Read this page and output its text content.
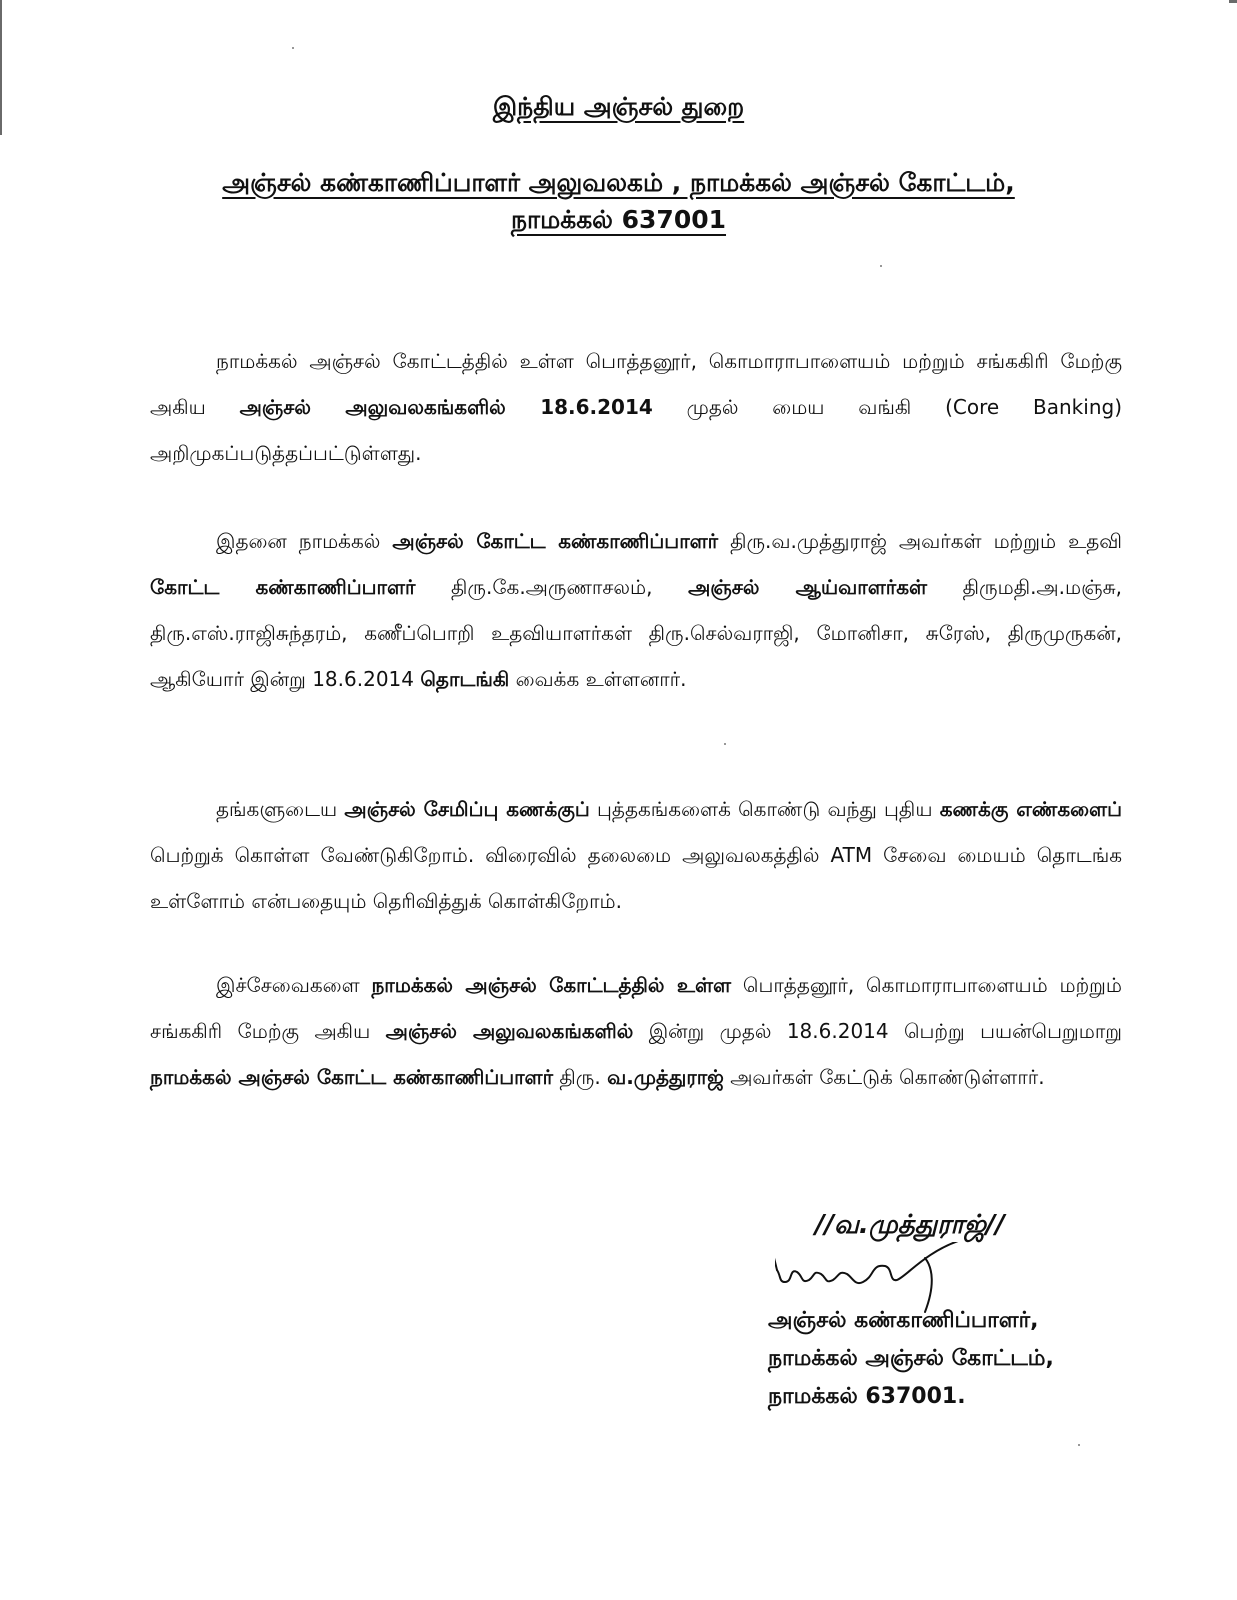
இந்திய அஞ்சல் துறை
அஞ்சல் கண்காணிப்பாளர் அலுவலகம் , நாமக்கல் அஞ்சல் கோட்டம்,
நாமக்கல் 637001

நாமக்கல் அஞ்சல் கோட்டத்தில் உள்ள பொத்தனூர், கொமாராபாளையம் மற்றும் சங்ககிரி மேற்கு அகிய அஞ்சல் அலுவலகங்களில் 18.6.2014 முதல் மைய வங்கி (Core Banking) அறிமுகப்படுத்தப்பட்டுள்ளது.

இதனை நாமக்கல் அஞ்சல் கோட்ட கண்காணிப்பாளர் திரு.வ.முத்துராஜ் அவர்கள் மற்றும் உதவி கோட்ட கண்காணிப்பாளர் திரு.கே.அருணாசலம், அஞ்சல் ஆய்வாளர்கள் திருமதி.அ.மஞ்சு, திரு.எஸ்.ராஜிசுந்தரம், கணீப்பொறி உதவியாளர்கள் திரு.செல்வராஜி, மோனிசா, சுரேஸ், திருமுருகன், ஆகியோர் இன்று 18.6.2014 தொடங்கி வைக்க உள்ளனார்.

தங்களுடைய அஞ்சல் சேமிப்பு கணக்குப் புத்தகங்களைக் கொண்டு வந்து புதிய கணக்கு எண்களைப் பெற்றுக் கொள்ள வேண்டுகிறோம். விரைவில் தலைமை அலுவலகத்தில் ATM சேவை மையம் தொடங்க உள்ளோம் என்பதையும் தெரிவித்துக் கொள்கிறோம்.

இச்சேவைகளை நாமக்கல் அஞ்சல் கோட்டத்தில் உள்ள பொத்தனூர், கொமாராபாளையம் மற்றும் சங்ககிரி மேற்கு அகிய அஞ்சல் அலுவலகங்களில் இன்று முதல் 18.6.2014 பெற்று பயன்பெறுமாறு நாமக்கல் அஞ்சல் கோட்ட கண்காணிப்பாளர் திரு. வ.முத்துராஜ் அவர்கள் கேட்டுக் கொண்டுள்ளார்.

//வ.முத்துராஜ்//
அஞ்சல் கண்காணிப்பாளர்,
நாமக்கல் அஞ்சல் கோட்டம்,
நாமக்கல் 637001.
